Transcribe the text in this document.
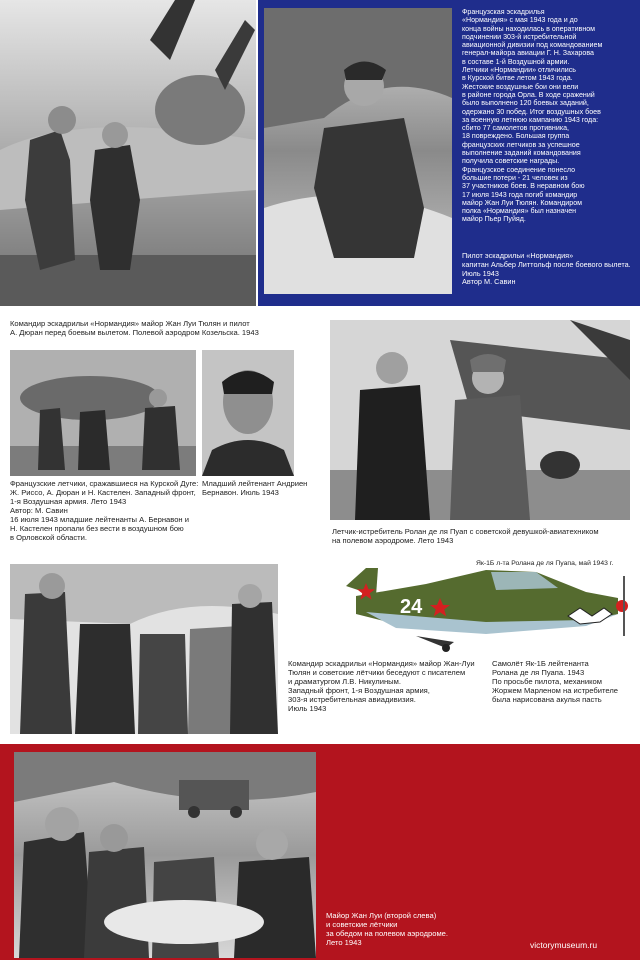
Французская эскадрилья
«Нормандия» с мая 1943 года и до
конца войны находилась в оперативном
подчинении 303-й истребительной
авиационной дивизии под командованием
генерал-майора авиации Г. Н. Захарова
в составе 1-й Воздушной армии.
Летчики «Нормандии» отличились
в Курской битве летом 1943 года.
Жестокие воздушные бои они вели
в районе города Орла. В ходе сражений
было выполнено 120 боевых заданий,
одержано 30 побед. Итог воздушных боев
за военную летнюю кампанию 1943 года:
сбито 77 самолетов противника,
18 повреждено. Большая группа
французских летчиков за успешное
выполнение заданий командования
получила советские награды.
Французское соединение понесло
большие потери - 21 человек из
37 участников боев. В неравном бою
17 июля 1943 года погиб командир
майор Жан Луи Тюлян. Командиром
полка «Нормандия» был назначен
майор Пьер Пуйяд.
Пилот эскадрильи «Нормандия»
капитан Альбер Литтольф после боевого вылета.
Июль 1943
Автор М. Савин
Командир эскадрильи «Нормандия» майор Жан Луи Тюлян и пилот
А. Дюран перед боевым вылетом. Полевой аэродром Козельска. 1943
Французские летчики, сражавшиеся на Курской Дуге:
Ж. Риссо, А. Дюран и Н. Кастелен. Западный фронт,
1-я Воздушная армия. Лето 1943
Автор: М. Савин
16 июля 1943 младшие лейтенанты А. Бернавон и
Н. Кастелен пропали без вести в воздушном бою
в Орловской области.
Младший лейтенант Андриен
Бернавон. Июль 1943
Летчик-истребитель Ролан де ля Пуап с советской девушкой-авиатехником
на полевом аэродроме. Лето 1943
Як-1Б л-та Ролана де ля Пуапа, май 1943 г.
24
Командир эскадрильи «Нормандия» майор Жан-Луи
Тюлян и советские лётчики беседуют с писателем
и драматургом Л.В. Никулиным.
Западный фронт, 1-я Воздушная армия,
303-я истребительная авиадивизия.
Июль 1943
Самолёт Як-1Б лейтенанта
Ролана де ля Пуапа. 1943
По просьбе пилота, механиком
Жоржем Марленом на истребителе
была нарисована акулья пасть
Майор Жан Луи (второй слева)
и советские лётчики
за обедом на полевом аэродроме.
Лето 1943	victorymuseum.ru
